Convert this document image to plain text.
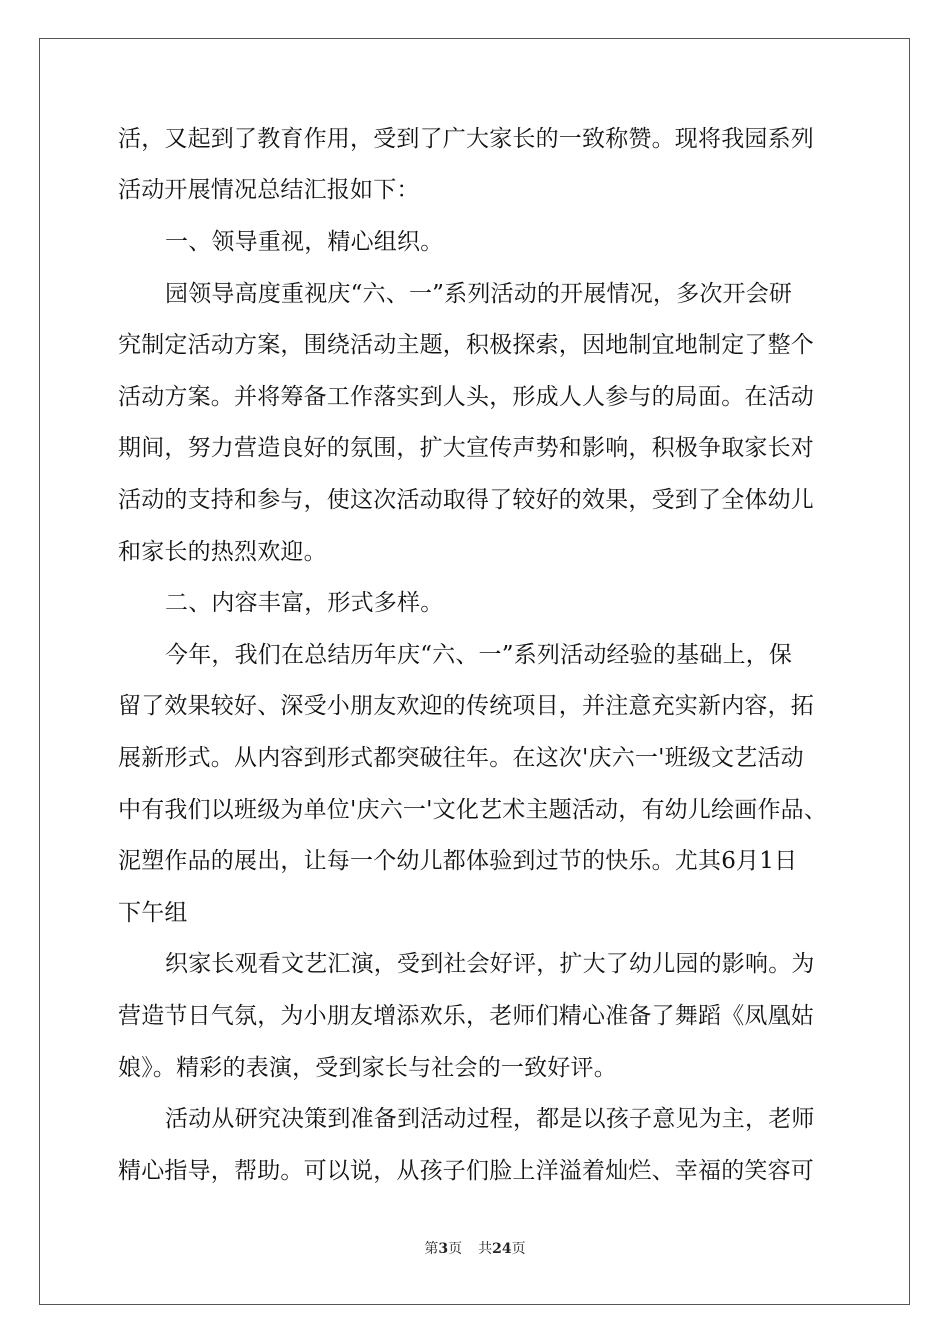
活，又起到了教育作用，受到了广大家长的一致称赞。现将我园系列
活动开展情况总结汇报如下：
一、领导重视，精心组织。
园领导高度重视庆“六、一”系列活动的开展情况，多次开会研
究制定活动方案，围绕活动主题，积极探索，因地制宜地制定了整个
活动方案。并将筹备工作落实到人头，形成人人参与的局面。在活动
期间，努力营造良好的氛围，扩大宣传声势和影响，积极争取家长对
活动的支持和参与，使这次活动取得了较好的效果，受到了全体幼儿
和家长的热烈欢迎。
二、内容丰富，形式多样。
今年，我们在总结历年庆“六、一”系列活动经验的基础上，保
留了效果较好、深受小朋友欢迎的传统项目，并注意充实新内容，拓
展新形式。从内容到形式都突破往年。在这次'庆六一'班级文艺活动
中有我们以班级为单位'庆六一'文化艺术主题活动，有幼儿绘画作品、
泥塑作品的展出，让每一个幼儿都体验到过节的快乐。尤其6月1日
下午组
织家长观看文艺汇演，受到社会好评，扩大了幼儿园的影响。为
营造节日气氛，为小朋友增添欢乐，老师们精心准备了舞蹈《凤凰姑
娘》。精彩的表演，受到家长与社会的一致好评。
活动从研究决策到准备到活动过程，都是以孩子意见为主，老师
精心指导，帮助。可以说，从孩子们脸上洋溢着灿烂、幸福的笑容可
第3页 共24页
